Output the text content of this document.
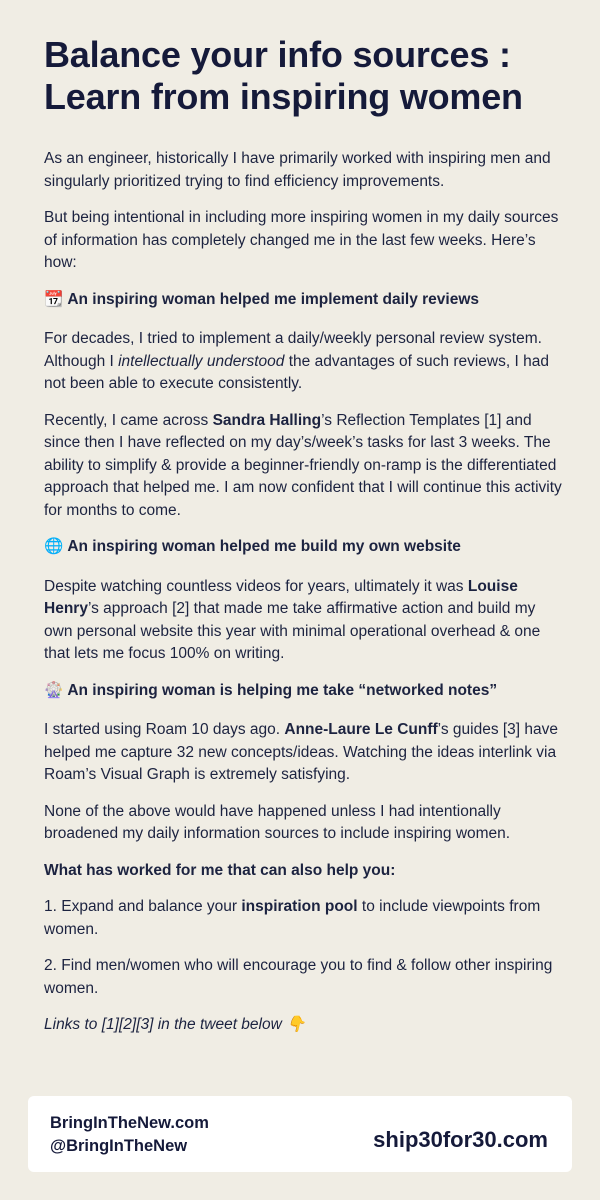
Balance your info sources : Learn from inspiring women

As an engineer, historically I have primarily worked with inspiring men and singularly prioritized trying to find efficiency improvements.

But being intentional in including more inspiring women in my daily sources of information has completely changed me in the last few weeks. Here’s how:

📆 An inspiring woman helped me implement daily reviews

For decades, I tried to implement a daily/weekly personal review system. Although I intellectually understood the advantages of such reviews, I had not been able to execute consistently.

Recently, I came across Sandra Halling’s Reflection Templates [1] and since then I have reflected on my day’s/week’s tasks for last 3 weeks. The ability to simplify & provide a beginner-friendly on-ramp is the differentiated approach that helped me. I am now confident that I will continue this activity for months to come.

🌐 An inspiring woman helped me build my own website

Despite watching countless videos for years, ultimately it was Louise Henry’s approach [2] that made me take affirmative action and build my own personal website this year with minimal operational overhead & one that lets me focus 100% on writing.

🎡 An inspiring woman is helping me take “networked notes”

I started using Roam 10 days ago. Anne-Laure Le Cunff’s guides [3] have helped me capture 32 new concepts/ideas. Watching the ideas interlink via Roam’s Visual Graph is extremely satisfying.

None of the above would have happened unless I had intentionally broadened my daily information sources to include inspiring women.

What has worked for me that can also help you:

1. Expand and balance your inspiration pool to include viewpoints from women.

2. Find men/women who will encourage you to find & follow other inspiring women.

Links to [1][2][3] in the tweet below 👇

BringInTheNew.com
@BringInTheNew	ship30for30.com
